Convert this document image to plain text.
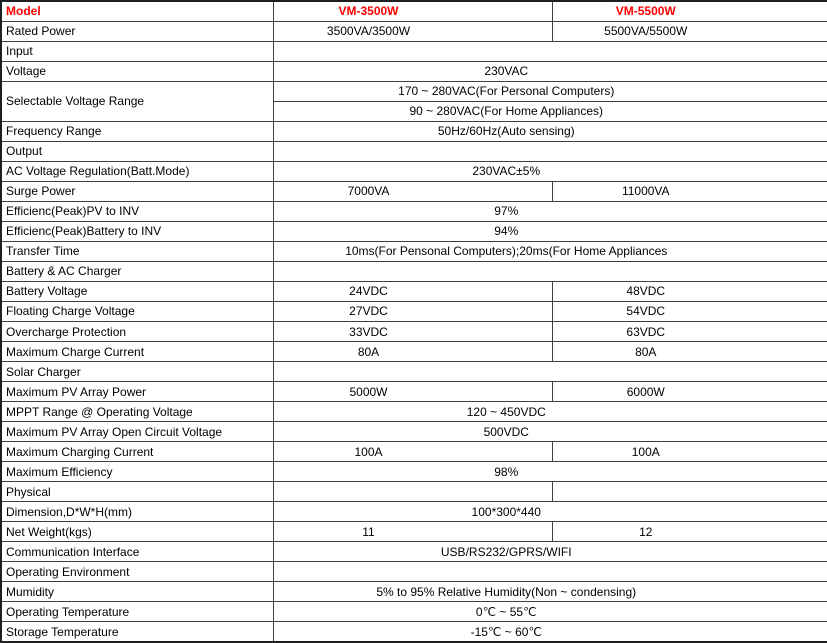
Model	VM-3500W	VM-5500W
Rated Power	3500VA/3500W	5500VA/5500W
Input		
Voltage	230VAC	
Selectable Voltage Range	170 ~ 280VAC(For Personal Computers)	
	90 ~ 280VAC(For Home Appliances)	
Frequency Range	50Hz/60Hz(Auto sensing)	
Output		
AC Voltage Regulation(Batt.Mode)	230VAC±5%	
Surge Power	7000VA	11000VA
Efficienc(Peak)PV to INV	97%	
Efficienc(Peak)Battery to INV	94%	
Transfer Time	10ms(For Pensonal Computers);20ms(For Home Appliances	
Battery & AC Charger		
Battery Voltage	24VDC	48VDC
Floating Charge Voltage	27VDC	54VDC
Overcharge Protection	33VDC	63VDC
Maximum Charge Current	80A	80A
Solar Charger		
Maximum PV Array Power	5000W	6000W
MPPT Range @ Operating Voltage	120 ~ 450VDC	
Maximum PV Array Open Circuit Voltage	500VDC	
Maximum Charging Current	100A	100A
Maximum Efficiency	98%	
Physical		
Dimension,D*W*H(mm)	100*300*440	
Net Weight(kgs)	11	12
Communication Interface	USB/RS232/GPRS/WIFI	
Operating Environment		
Mumidity	5% to 95% Relative Humidity(Non ~ condensing)	
Operating Temperature	0℃ ~ 55℃	
Storage Temperature	-15℃ ~ 60℃	
